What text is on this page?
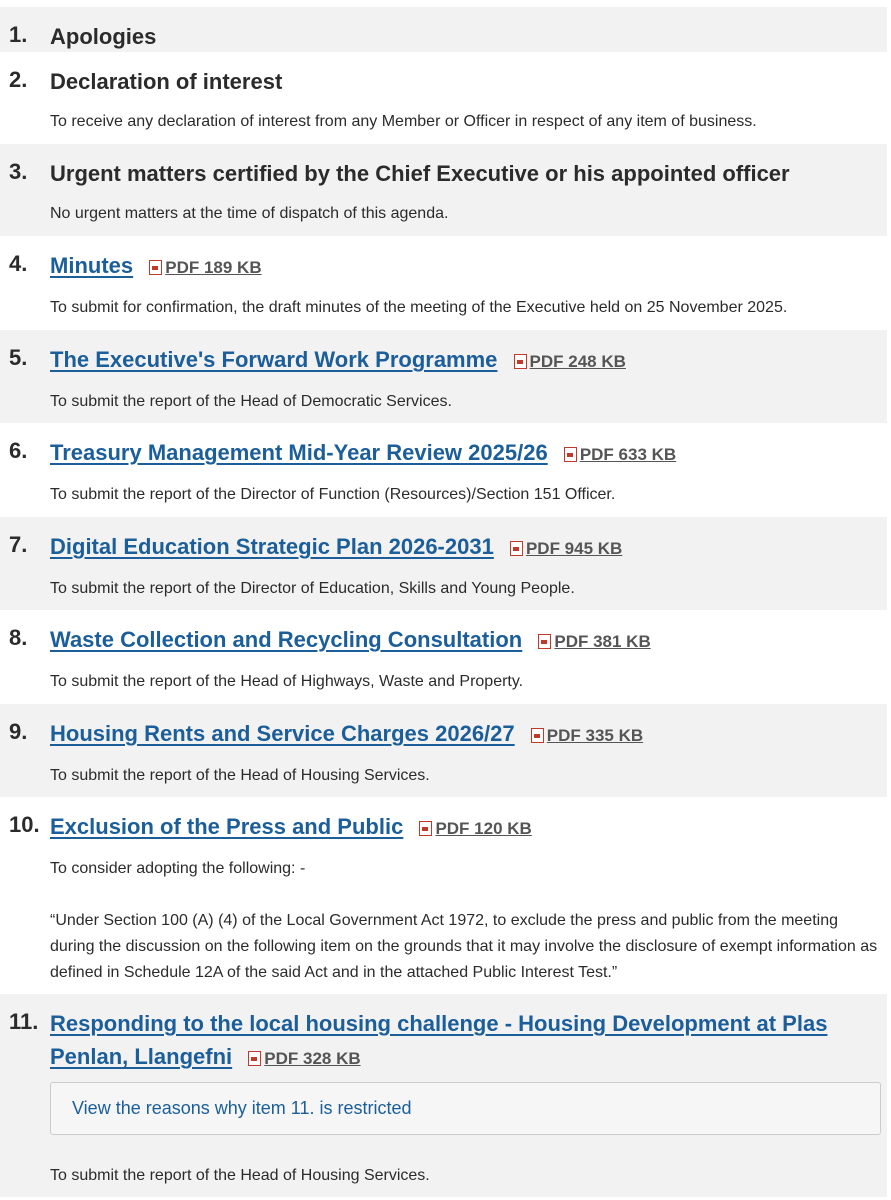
1. Apologies
2. Declaration of interest

To receive any declaration of interest from any Member or Officer in respect of any item of business.

3. Urgent matters certified by the Chief Executive or his appointed officer

No urgent matters at the time of dispatch of this agenda.

4. Minutes PDF 189 KB

To submit for confirmation, the draft minutes of the meeting of the Executive held on 25 November 2025.

5. The Executive's Forward Work Programme PDF 248 KB

To submit the report of the Head of Democratic Services.

6. Treasury Management Mid-Year Review 2025/26 PDF 633 KB

To submit the report of the Director of Function (Resources)/Section 151 Officer.

7. Digital Education Strategic Plan 2026-2031 PDF 945 KB

To submit the report of the Director of Education, Skills and Young People.

8. Waste Collection and Recycling Consultation PDF 381 KB

To submit the report of the Head of Highways, Waste and Property.

9. Housing Rents and Service Charges 2026/27 PDF 335 KB

To submit the report of the Head of Housing Services.

10. Exclusion of the Press and Public PDF 120 KB

To consider adopting the following: -

“Under Section 100 (A) (4) of the Local Government Act 1972, to exclude the press and public from the meeting during the discussion on the following item on the grounds that it may involve the disclosure of exempt information as defined in Schedule 12A of the said Act and in the attached Public Interest Test.”

11. Responding to the local housing challenge - Housing Development at Plas Penlan, Llangefni PDF 328 KB
View the reasons why item 11. is restricted

To submit the report of the Head of Housing Services.
